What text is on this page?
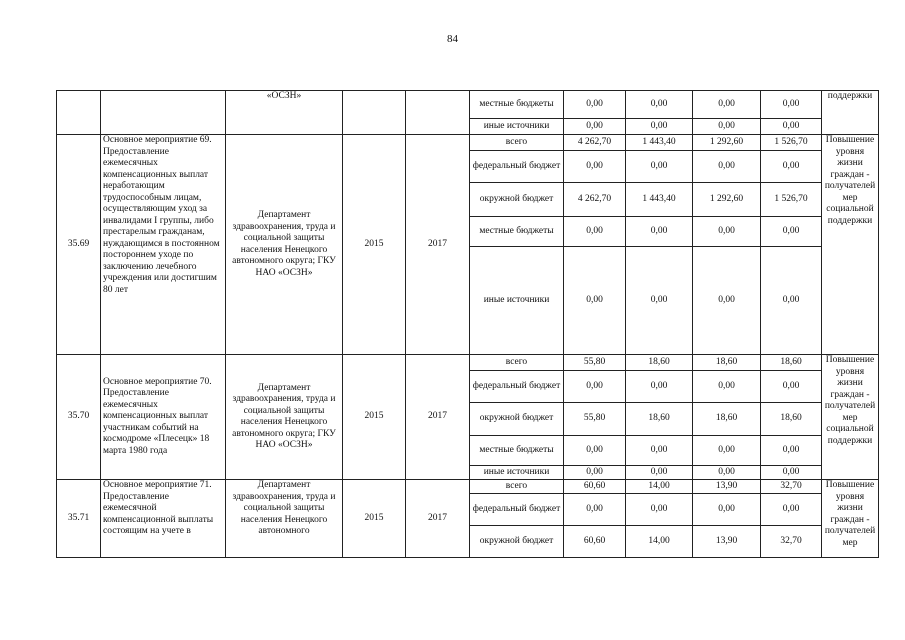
84
		«ОСЗН»			местные бюджеты	0,00	0,00	0,00	0,00	поддержки
					иные источники	0,00	0,00	0,00	0,00	
35.69	Основное мероприятие 69. Предоставление ежемесячных компенсационных выплат неработающим трудоспособным лицам, осуществляющим уход за инвалидами I группы, либо престарелым гражданам, нуждающимся в постоянном постороннем уходе по заключению лечебного учреждения или достигшим 80 лет	Департамент здравоохранения, труда и социальной защиты населения Ненецкого автономного округа; ГКУ НАО «ОСЗН»	2015	2017	всего	4 262,70	1 443,40	1 292,60	1 526,70	Повышение уровня жизни граждан - получателей мер социальной поддержки
					федеральный бюджет	0,00	0,00	0,00	0,00	
					окружной бюджет	4 262,70	1 443,40	1 292,60	1 526,70	
					местные бюджеты	0,00	0,00	0,00	0,00	
					иные источники	0,00	0,00	0,00	0,00	
35.70	Основное мероприятие 70. Предоставление ежемесячных компенсационных выплат участникам событий на космодроме «Плесецк» 18 марта 1980 года	Департамент здравоохранения, труда и социальной защиты населения Ненецкого автономного округа; ГКУ НАО «ОСЗН»	2015	2017	всего	55,80	18,60	18,60	18,60	Повышение уровня жизни граждан - получателей мер социальной поддержки
					федеральный бюджет	0,00	0,00	0,00	0,00	
					окружной бюджет	55,80	18,60	18,60	18,60	
					местные бюджеты	0,00	0,00	0,00	0,00	
					иные источники	0,00	0,00	0,00	0,00	
35.71	Основное мероприятие 71. Предоставление ежемесячной компенсационной выплаты состоящим на учете в	Департамент здравоохранения, труда и социальной защиты населения Ненецкого автономного	2015	2017	всего	60,60	14,00	13,90	32,70	Повышение уровня жизни граждан - получателей мер
					федеральный бюджет	0,00	0,00	0,00	0,00	
					окружной бюджет	60,60	14,00	13,90	32,70	
